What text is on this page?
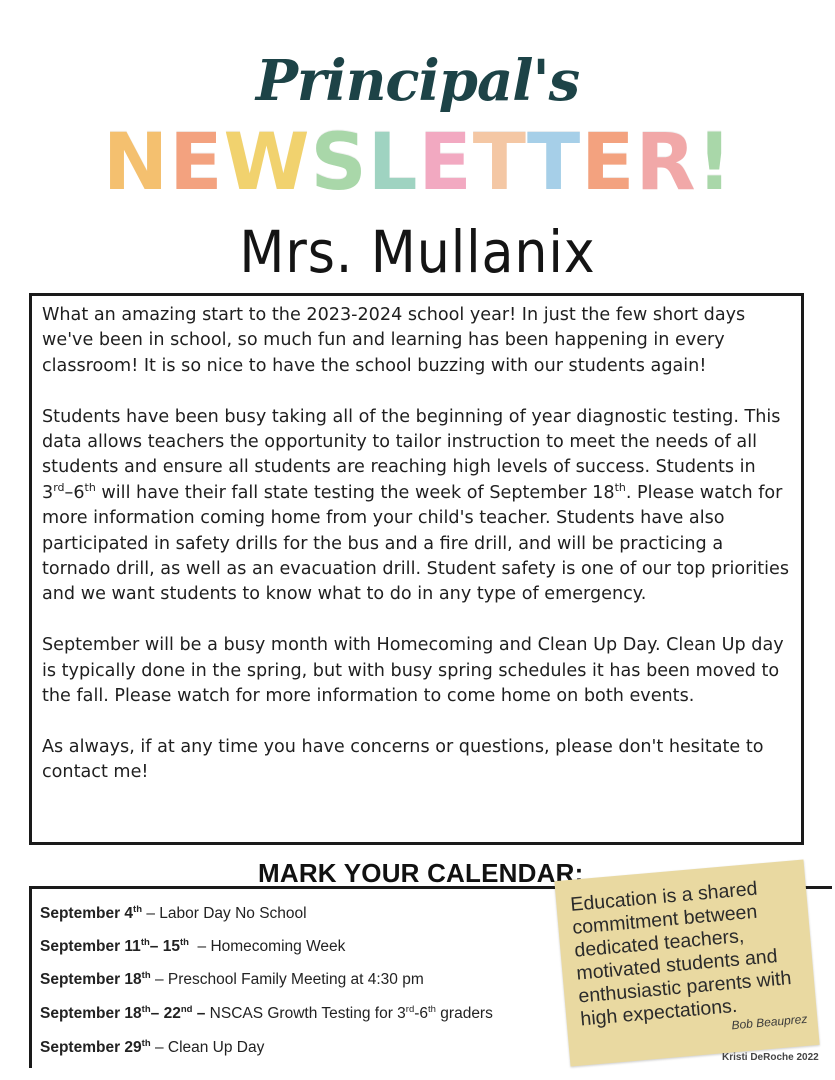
Principal's
N E W S L E T T E R !
Mrs. Mullanix

What an amazing start to the 2023-2024 school year! In just the few short days we've been in school, so much fun and learning has been happening in every classroom! It is so nice to have the school buzzing with our students again!

Students have been busy taking all of the beginning of year diagnostic testing. This data allows teachers the opportunity to tailor instruction to meet the needs of all students and ensure all students are reaching high levels of success. Students in 3rd–6th will have their fall state testing the week of September 18th. Please watch for more information coming home from your child's teacher. Students have also participated in safety drills for the bus and a fire drill, and will be practicing a tornado drill, as well as an evacuation drill. Student safety is one of our top priorities and we want students to know what to do in any type of emergency.

September will be a busy month with Homecoming and Clean Up Day. Clean Up day is typically done in the spring, but with busy spring schedules it has been moved to the fall. Please watch for more information to come home on both events.

As always, if at any time you have concerns or questions, please don't hesitate to contact me!

MARK YOUR CALENDAR:
September 4th – Labor Day No School
September 11th– 15th  – Homecoming Week
September 18th – Preschool Family Meeting at 4:30 pm
September 18th– 22nd – NSCAS Growth Testing for 3rd-6th graders
September 29th – Clean Up Day
Education is a shared commitment between dedicated teachers, motivated students and enthusiastic parents with high expectations.
Bob Beauprez
Kristi DeRoche 2022
